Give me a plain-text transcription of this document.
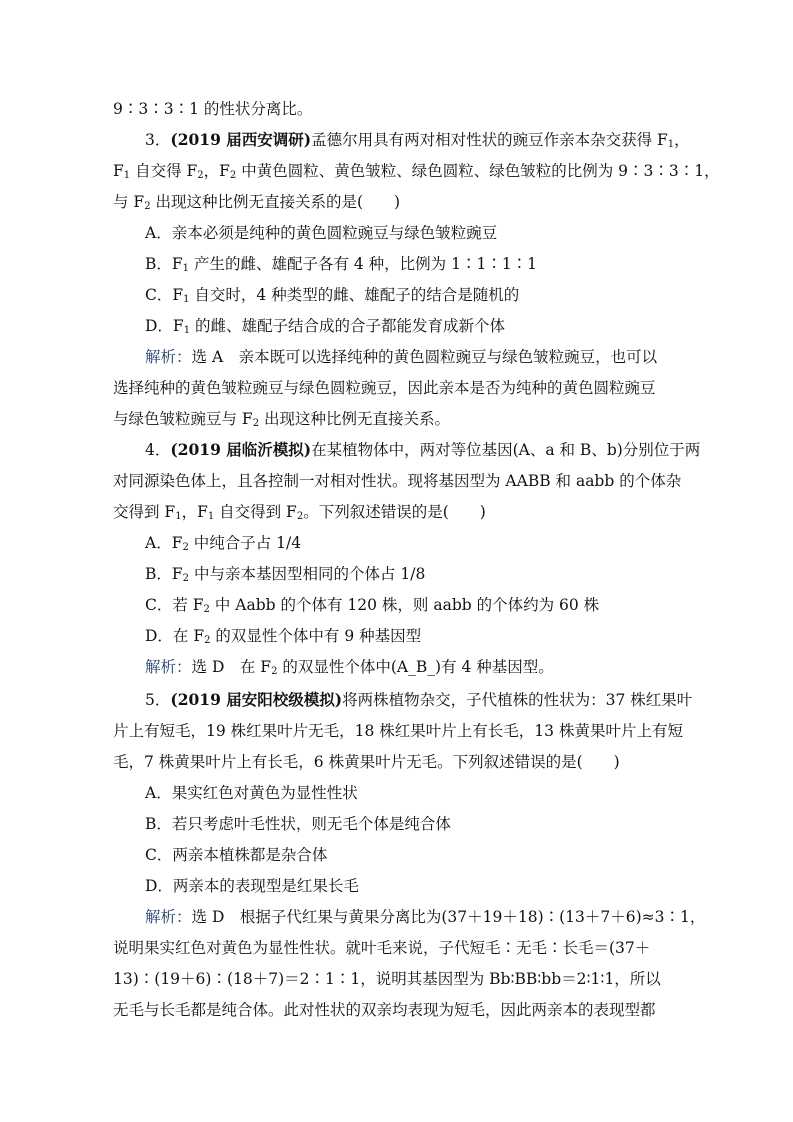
9∶3∶3∶1 的性状分离比。
3．(2019 届西安调研)孟德尔用具有两对相对性状的豌豆作亲本杂交获得 $F_1$，
$F_1$ 自交得 $F_2$，$F_2$ 中黄色圆粒、黄色皱粒、绿色圆粒、绿色皱粒的比例为 9∶3∶3∶1，
与 $F_2$ 出现这种比例无直接关系的是(　　)
A．亲本必须是纯种的黄色圆粒豌豆与绿色皱粒豌豆
B．$F_1$ 产生的雌、雄配子各有 4 种，比例为 1∶1∶1∶1
C．$F_1$ 自交时，4 种类型的雌、雄配子的结合是随机的
D．$F_1$ 的雌、雄配子结合成的合子都能发育成新个体
解析：选 A　亲本既可以选择纯种的黄色圆粒豌豆与绿色皱粒豌豆，也可以
选择纯种的黄色皱粒豌豆与绿色圆粒豌豆，因此亲本是否为纯种的黄色圆粒豌豆
与绿色皱粒豌豆与 $F_2$ 出现这种比例无直接关系。
4．(2019 届临沂模拟)在某植物体中，两对等位基因(A、a 和 B、b)分别位于两
对同源染色体上，且各控制一对相对性状。现将基因型为 AABB 和 aabb 的个体杂
交得到 $F_1$，$F_1$ 自交得到 $F_2$。下列叙述错误的是(　　)
A．$F_2$ 中纯合子占 1/4
B．$F_2$ 中与亲本基因型相同的个体占 1/8
C．若 $F_2$ 中 Aabb 的个体有 120 株，则 aabb 的个体约为 60 株
D．在 $F_2$ 的双显性个体中有 9 种基因型
解析：选 D　在 $F_2$ 的双显性个体中(A_B_)有 4 种基因型。
5．(2019 届安阳校级模拟)将两株植物杂交，子代植株的性状为：37 株红果叶
片上有短毛，19 株红果叶片无毛，18 株红果叶片上有长毛，13 株黄果叶片上有短
毛，7 株黄果叶片上有长毛，6 株黄果叶片无毛。下列叙述错误的是(　　)
A．果实红色对黄色为显性性状
B．若只考虑叶毛性状，则无毛个体是纯合体
C．两亲本植株都是杂合体
D．两亲本的表现型是红果长毛
解析：选 D　根据子代红果与黄果分离比为(37＋19＋18)∶(13＋7＋6)≈3∶1，
说明果实红色对黄色为显性性状。就叶毛来说，子代短毛∶无毛∶长毛＝(37＋
13)∶(19＋6)∶(18＋7)＝2∶1∶1，说明其基因型为 Bb∶BB∶bb＝2∶1∶1，所以
无毛与长毛都是纯合体。此对性状的双亲均表现为短毛，因此两亲本的表现型都
